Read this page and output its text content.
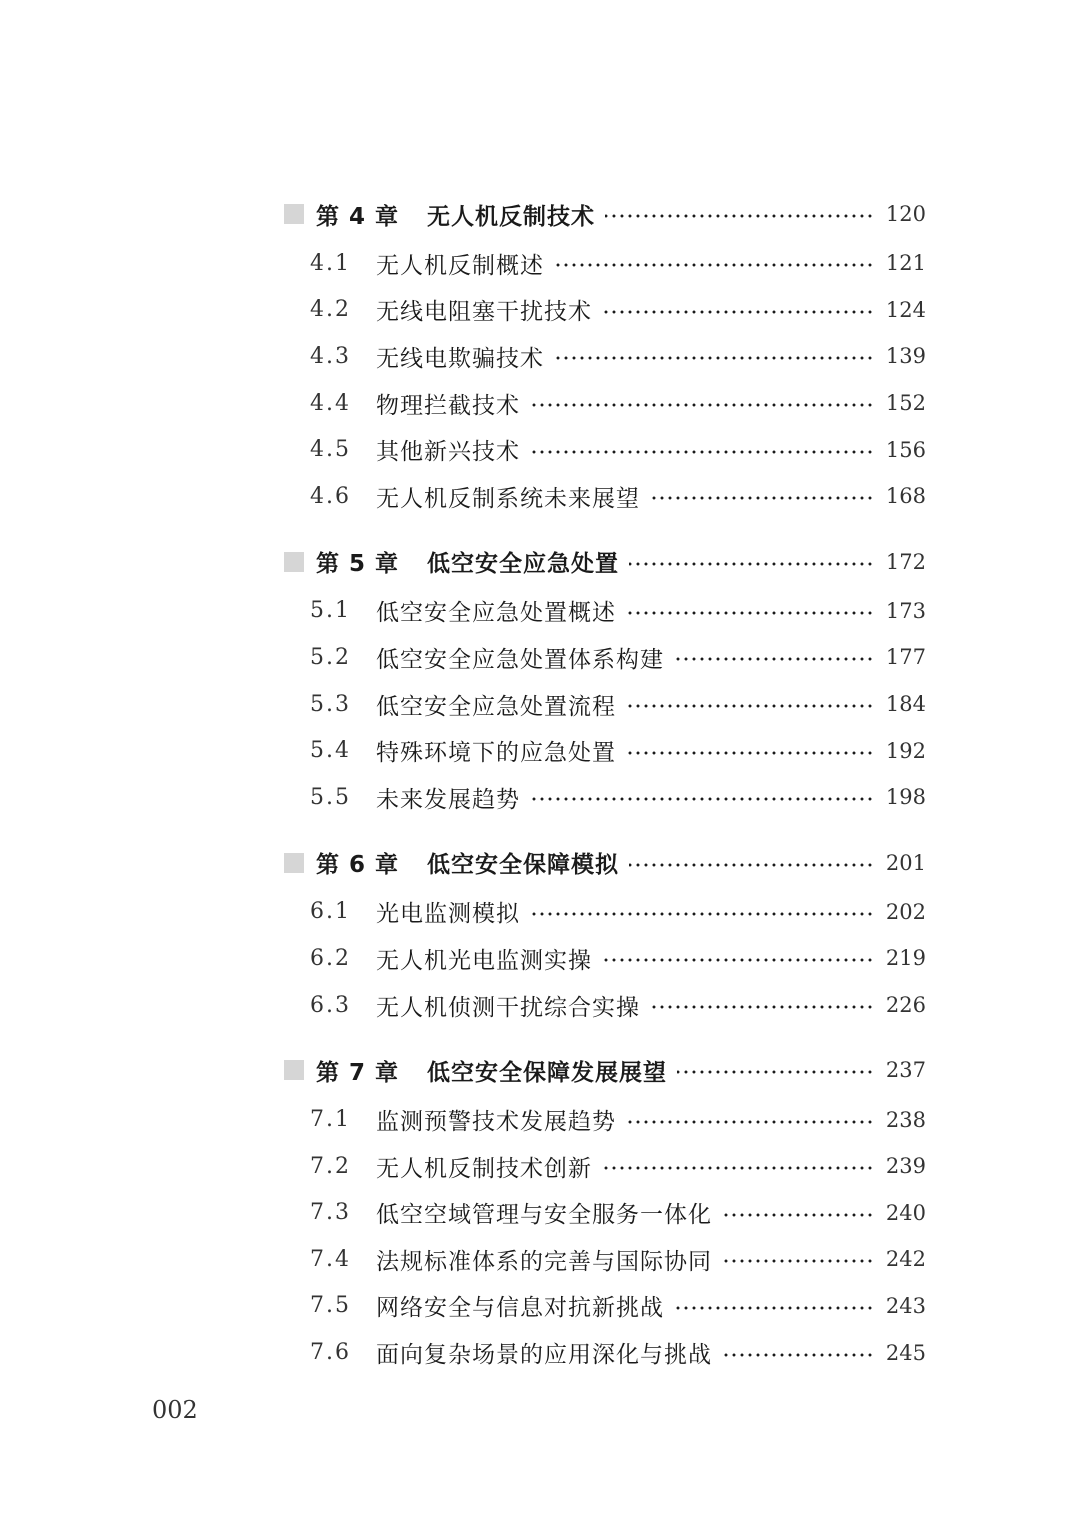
第 4 章 无人机反制技术	120
4.1	无人机反制概述	121
4.2	无线电阻塞干扰技术	124
4.3	无线电欺骗技术	139
4.4	物理拦截技术	152
4.5	其他新兴技术	156
4.6	无人机反制系统未来展望	168
第 5 章 低空安全应急处置	172
5.1	低空安全应急处置概述	173
5.2	低空安全应急处置体系构建	177
5.3	低空安全应急处置流程	184
5.4	特殊环境下的应急处置	192
5.5	未来发展趋势	198
第 6 章 低空安全保障模拟	201
6.1	光电监测模拟	202
6.2	无人机光电监测实操	219
6.3	无人机侦测干扰综合实操	226
第 7 章 低空安全保障发展展望	237
7.1	监测预警技术发展趋势	238
7.2	无人机反制技术创新	239
7.3	低空空域管理与安全服务一体化	240
7.4	法规标准体系的完善与国际协同	242
7.5	网络安全与信息对抗新挑战	243
7.6	面向复杂场景的应用深化与挑战	245
002
